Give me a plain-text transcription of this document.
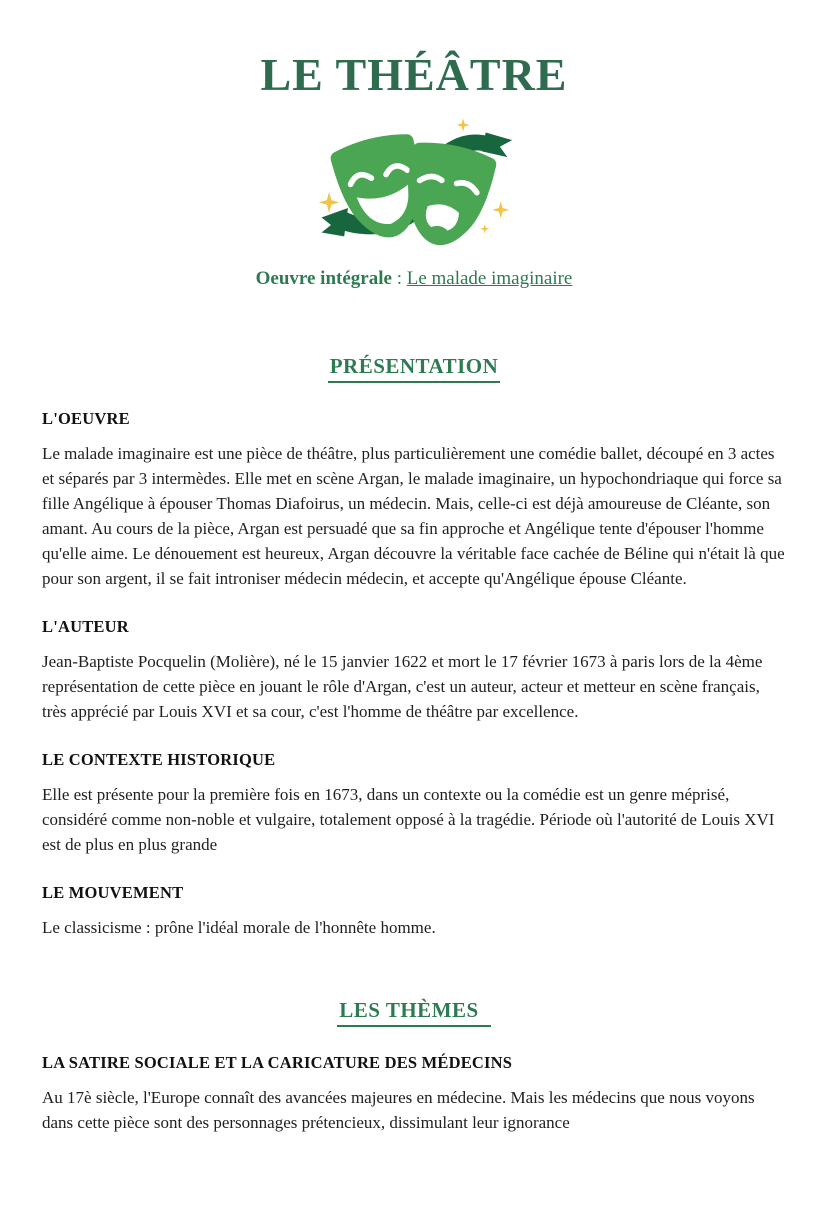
LE THÉÂTRE

Oeuvre intégrale : Le malade imaginaire

PRÉSENTATION
L'OEUVRE

Le malade imaginaire est une pièce de théâtre, plus particulièrement une comédie ballet, découpé en 3 actes et séparés par 3 intermèdes. Elle met en scène Argan, le malade imaginaire, un hypochondriaque qui force sa fille Angélique à épouser Thomas Diafoirus, un médecin. Mais, celle-ci est déjà amoureuse de Cléante, son amant. Au cours de la pièce, Argan est persuadé que sa fin approche et Angélique tente d'épouser l'homme qu'elle aime. Le dénouement est heureux, Argan découvre la véritable face cachée de Béline qui n'était là que pour son argent, il se fait introniser médecin médecin, et accepte qu'Angélique épouse Cléante.

L'AUTEUR

Jean-Baptiste Pocquelin (Molière), né le 15 janvier 1622 et mort le 17 février 1673 à paris lors de la 4ème représentation de cette pièce en jouant le rôle d'Argan, c'est un auteur, acteur et metteur en scène français, très apprécié par Louis XVI et sa cour, c'est l'homme de théâtre par excellence.

LE CONTEXTE HISTORIQUE

Elle est présente pour la première fois en 1673, dans un contexte ou la comédie est un genre méprisé, considéré comme non-noble et vulgaire, totalement opposé à la tragédie. Période où l'autorité de Louis XVI est de plus en plus grande

LE MOUVEMENT

Le classicisme : prône l'idéal morale de l'honnête homme.

LES THÈMES
LA SATIRE SOCIALE ET LA CARICATURE DES MÉDECINS

Au 17è siècle, l'Europe connaît des avancées majeures en médecine. Mais les médecins que nous voyons dans cette pièce sont des personnages prétencieux, dissimulant leur ignorance
